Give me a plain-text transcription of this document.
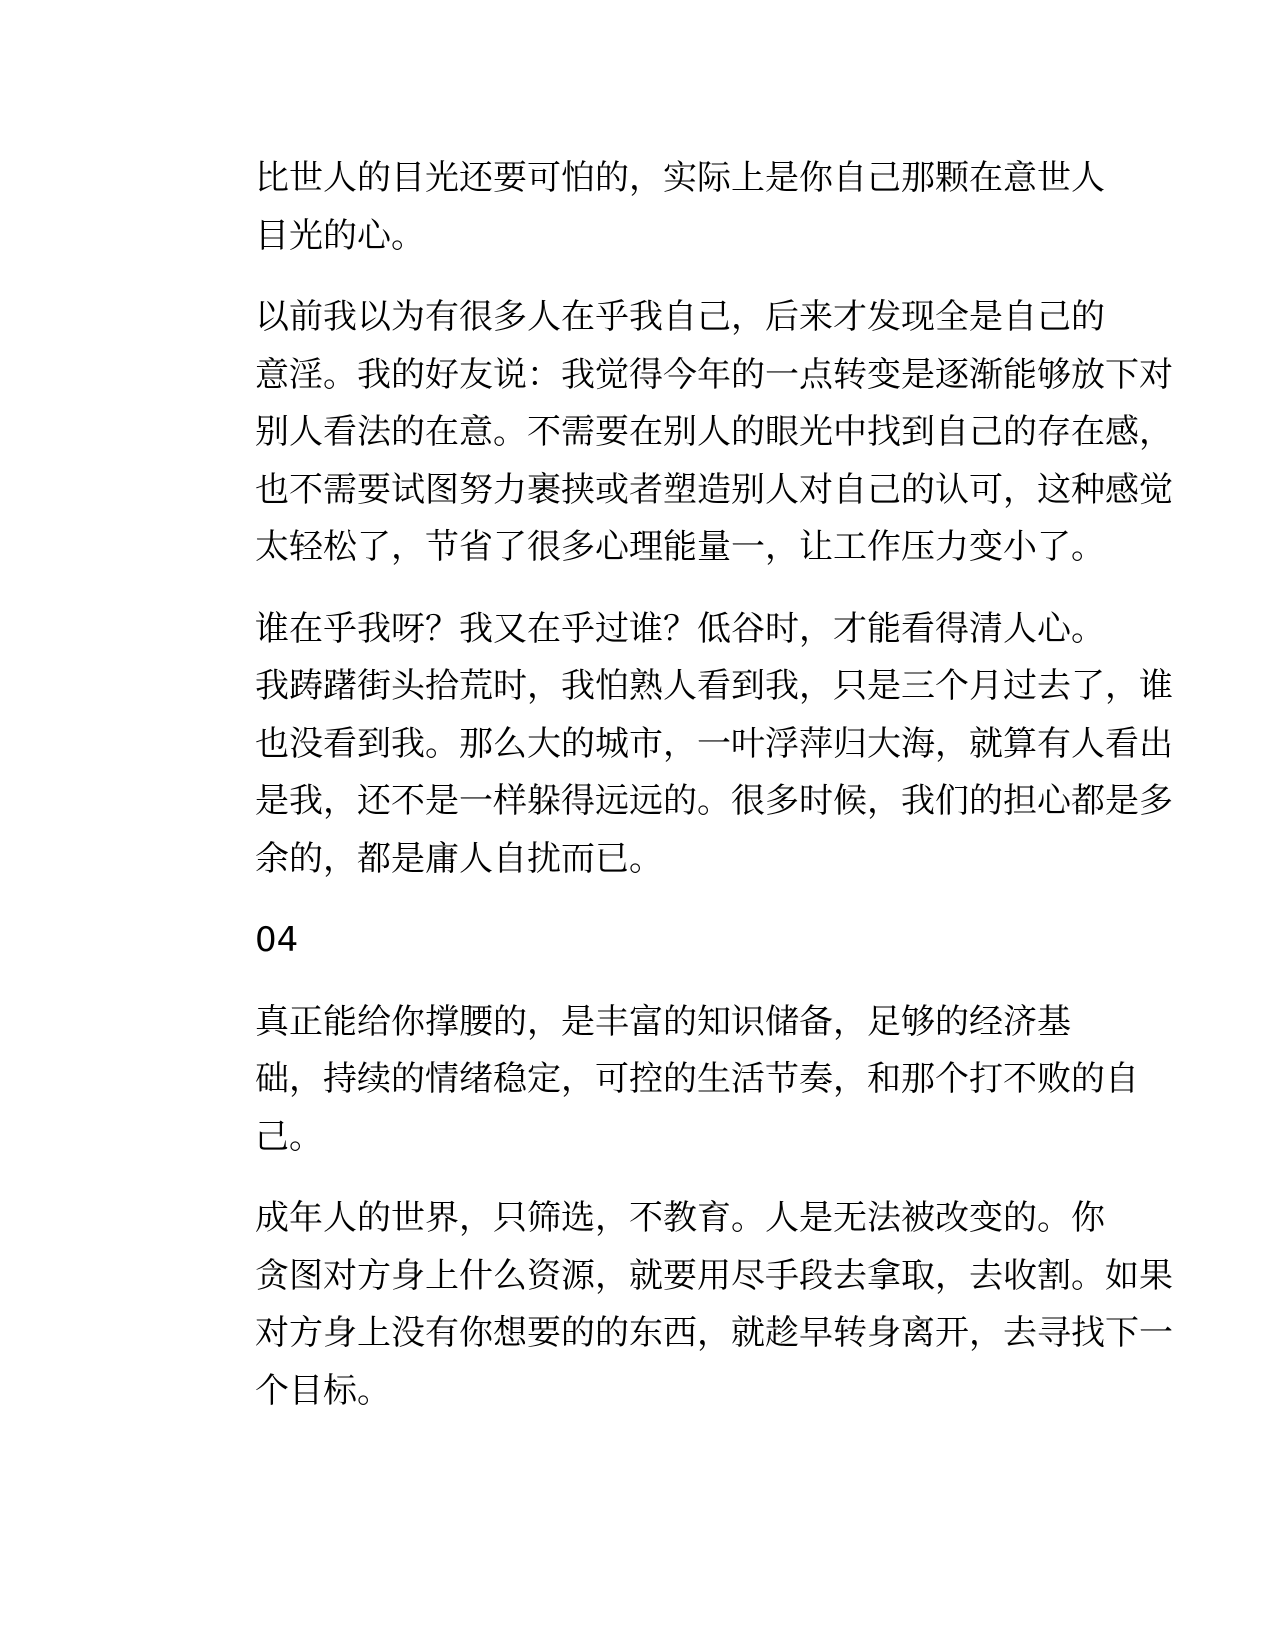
比世人的目光还要可怕的，实际上是你自己那颗在意世人
目光的心。

以前我以为有很多人在乎我自己，后来才发现全是自己的
意淫。我的好友说：我觉得今年的一点转变是逐渐能够放下对
别人看法的在意。不需要在别人的眼光中找到自己的存在感，
也不需要试图努力裹挟或者塑造别人对自己的认可，这种感觉
太轻松了，节省了很多心理能量一，让工作压力变小了。

谁在乎我呀？我又在乎过谁？低谷时，才能看得清人心。
我踌躇街头拾荒时，我怕熟人看到我，只是三个月过去了，谁
也没看到我。那么大的城市，一叶浮萍归大海，就算有人看出
是我，还不是一样躲得远远的。很多时候，我们的担心都是多
余的，都是庸人自扰而已。

04

真正能给你撑腰的，是丰富的知识储备，足够的经济基
础，持续的情绪稳定，可控的生活节奏，和那个打不败的自
己。

成年人的世界，只筛选，不教育。人是无法被改变的。你
贪图对方身上什么资源，就要用尽手段去拿取，去收割。如果
对方身上没有你想要的的东西，就趁早转身离开，去寻找下一
个目标。
